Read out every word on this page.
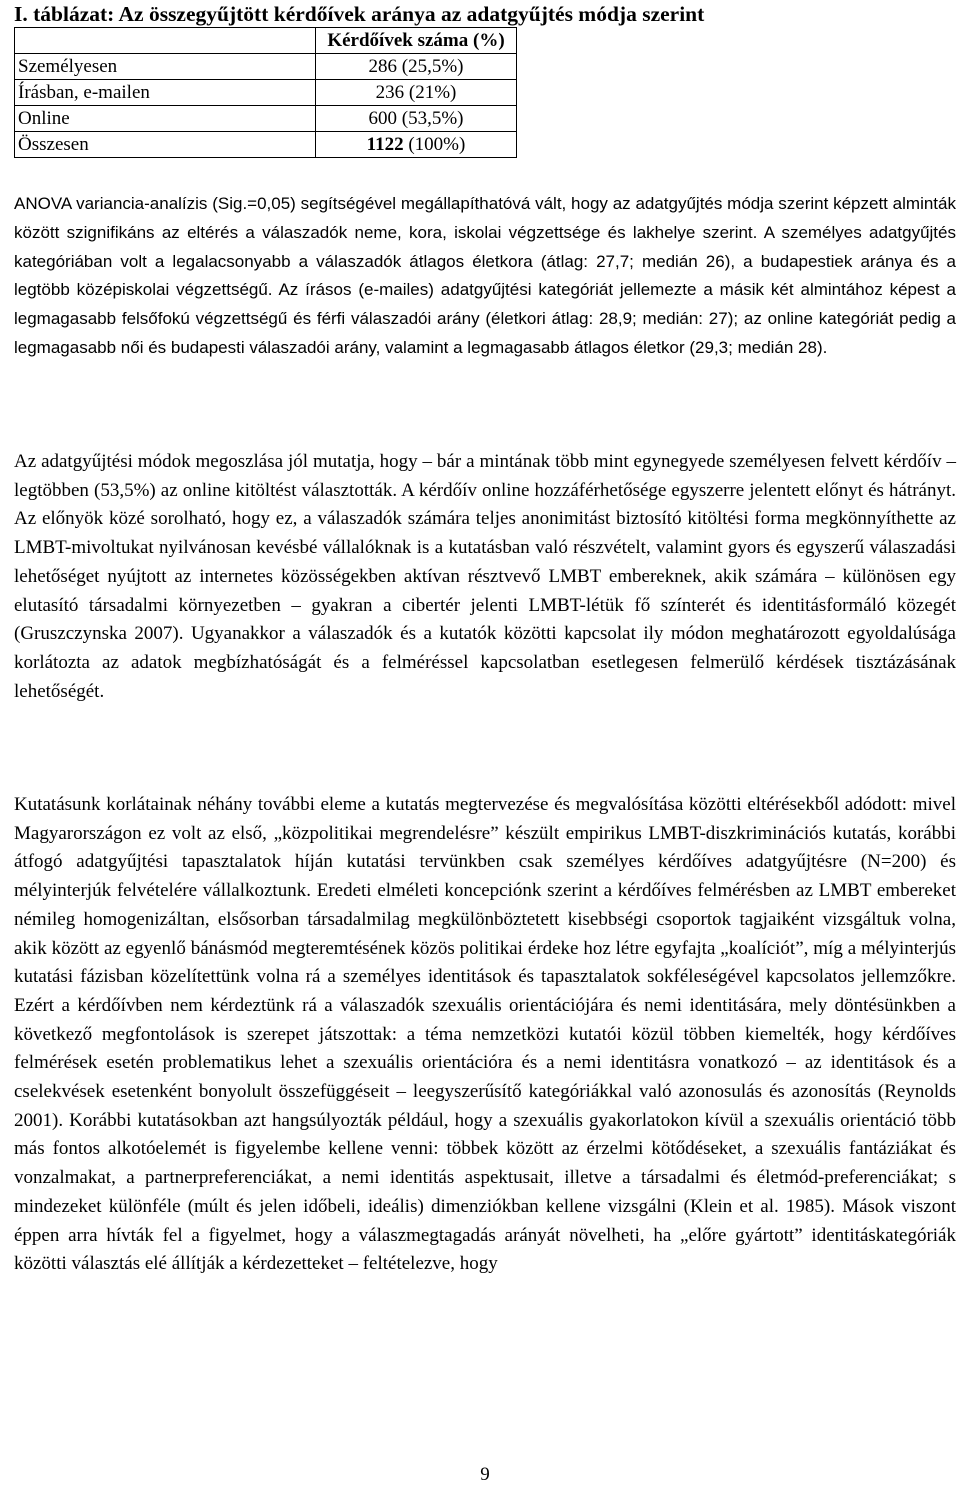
I. táblázat: Az összegyűjtött kérdőívek aránya az adatgyűjtés módja szerint
	Kérdőívek száma (%)
Személyesen	286 (25,5%)
Írásban, e-mailen	236 (21%)
Online	600 (53,5%)
Összesen	1122 (100%)

ANOVA variancia-analízis (Sig.=0,05) segítségével megállapíthatóvá vált, hogy az adatgyűjtés módja szerint képzett alminták között szignifikáns az eltérés a válaszadók neme, kora, iskolai végzettsége és lakhelye szerint. A személyes adatgyűjtés kategóriában volt a legalacsonyabb a válaszadók átlagos életkora (átlag: 27,7; medián 26), a budapestiek aránya és a legtöbb középiskolai végzettségű. Az írásos (e-mailes) adatgyűjtési kategóriát jellemezte a másik két almintához képest a legmagasabb felsőfokú végzettségű és férfi válaszadói arány (életkori átlag: 28,9; medián: 27); az online kategóriát pedig a legmagasabb női és budapesti válaszadói arány, valamint a legmagasabb átlagos életkor (29,3; medián 28).

Az adatgyűjtési módok megoszlása jól mutatja, hogy – bár a mintának több mint egynegyede személyesen felvett kérdőív – legtöbben (53,5%) az online kitöltést választották. A kérdőív online hozzáférhetősége egyszerre jelentett előnyt és hátrányt. Az előnyök közé sorolható, hogy ez, a válaszadók számára teljes anonimitást biztosító kitöltési forma megkönnyíthette az LMBT-mivoltukat nyilvánosan kevésbé vállalóknak is a kutatásban való részvételt, valamint gyors és egyszerű válaszadási lehetőséget nyújtott az internetes közösségekben aktívan résztvevő LMBT embereknek, akik számára – különösen egy elutasító társadalmi környezetben – gyakran a cibertér jelenti LMBT-létük fő színterét és identitásformáló közegét (Gruszczynska 2007). Ugyanakkor a válaszadók és a kutatók közötti kapcsolat ily módon meghatározott egyoldalúsága korlátozta az adatok megbízhatóságát és a felméréssel kapcsolatban esetlegesen felmerülő kérdések tisztázásának lehetőségét.

Kutatásunk korlátainak néhány további eleme a kutatás megtervezése és megvalósítása közötti eltérésekből adódott: mivel Magyarországon ez volt az első, „közpolitikai megrendelésre” készült empirikus LMBT-diszkriminációs kutatás, korábbi átfogó adatgyűjtési tapasztalatok híján kutatási tervünkben csak személyes kérdőíves adatgyűjtésre (N=200) és mélyinterjúk felvételére vállalkoztunk. Eredeti elméleti koncepciónk szerint a kérdőíves felmérésben az LMBT embereket némileg homogenizáltan, elsősorban társadalmilag megkülönböztetett kisebbségi csoportok tagjaiként vizsgáltuk volna, akik között az egyenlő bánásmód megteremtésének közös politikai érdeke hoz létre egyfajta „koalíciót”, míg a mélyinterjús kutatási fázisban közelítettünk volna rá a személyes identitások és tapasztalatok sokféleségével kapcsolatos jellemzőkre. Ezért a kérdőívben nem kérdeztünk rá a válaszadók szexuális orientációjára és nemi identitására, mely döntésünkben a következő megfontolások is szerepet játszottak: a téma nemzetközi kutatói közül többen kiemelték, hogy kérdőíves felmérések esetén problematikus lehet a szexuális orientációra és a nemi identitásra vonatkozó – az identitások és a cselekvések esetenként bonyolult összefüggéseit – leegyszerűsítő kategóriákkal való azonosulás és azonosítás (Reynolds 2001). Korábbi kutatásokban azt hangsúlyozták például, hogy a szexuális gyakorlatokon kívül a szexuális orientáció több más fontos alkotóelemét is figyelembe kellene venni: többek között az érzelmi kötődéseket, a szexuális fantáziákat és vonzalmakat, a partnerpreferenciákat, a nemi identitás aspektusait, illetve a társadalmi és életmód-preferenciákat; s mindezeket különféle (múlt és jelen időbeli, ideális) dimenziókban kellene vizsgálni (Klein et al. 1985). Mások viszont éppen arra hívták fel a figyelmet, hogy a válaszmegtagadás arányát növelheti, ha „előre gyártott” identitáskategóriák közötti választás elé állítják a kérdezetteket – feltételezve, hogy

9
